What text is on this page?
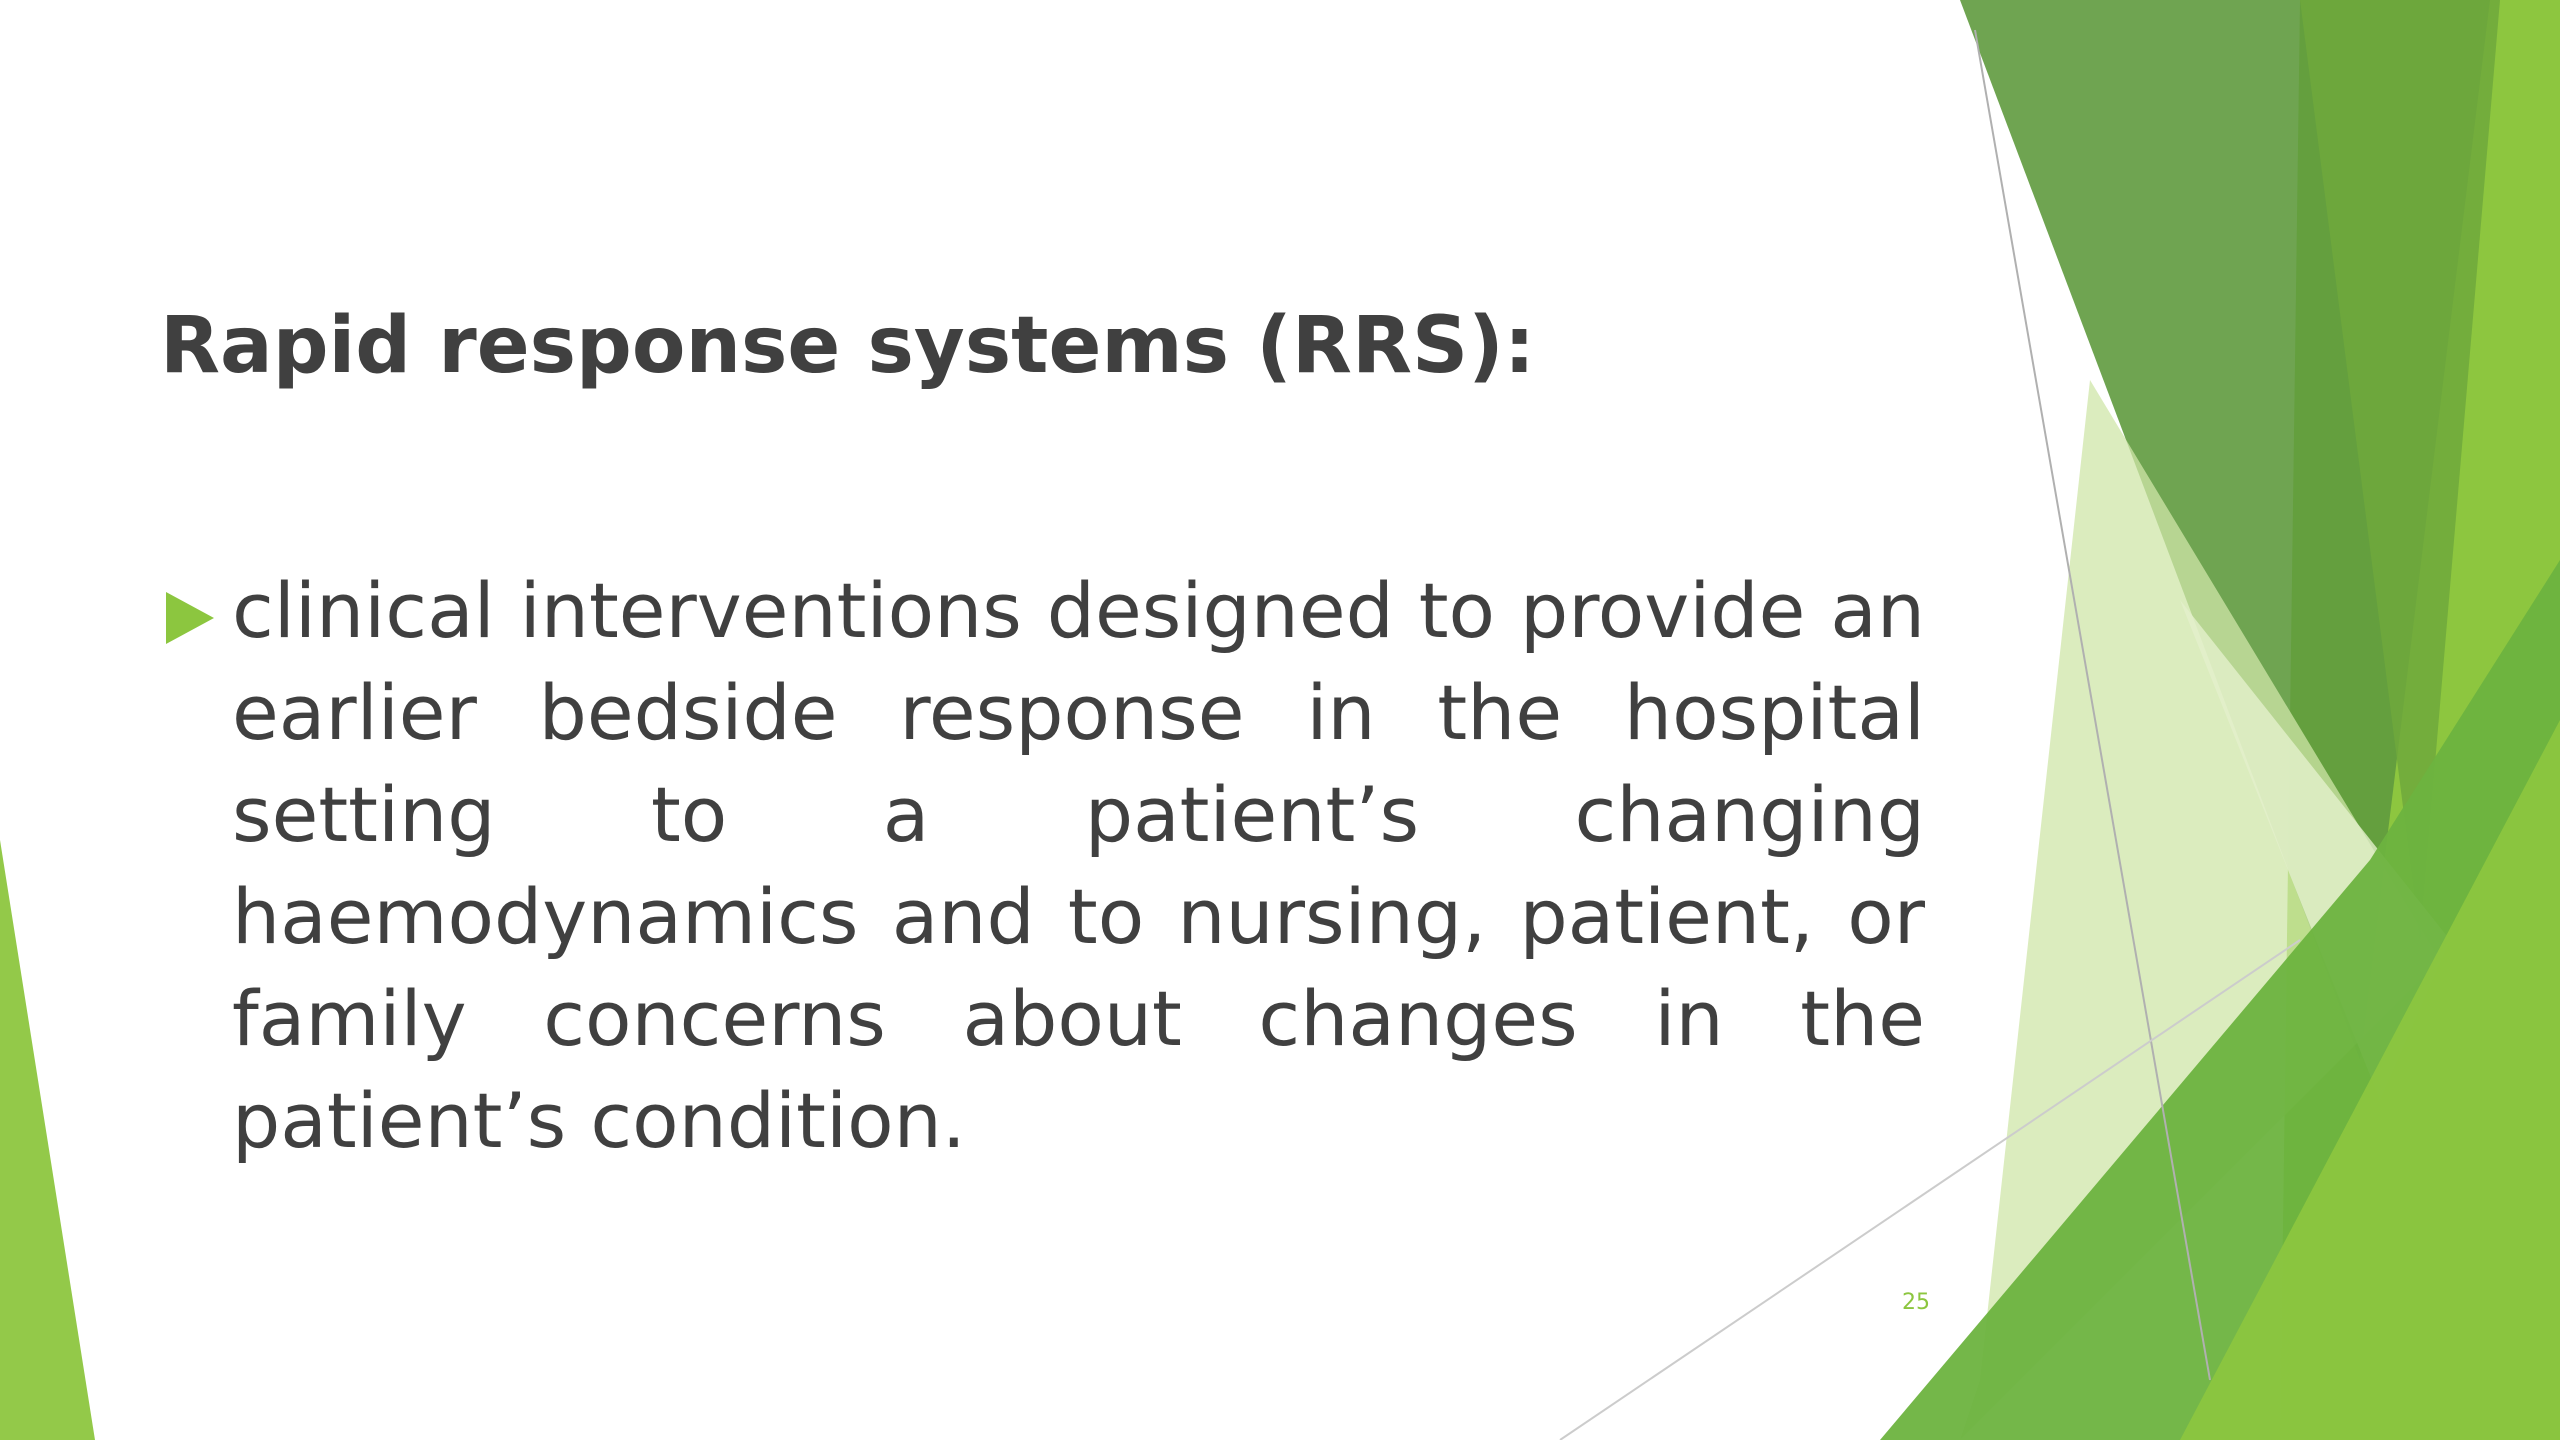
Rapid response systems (RRS):
clinical interventions designed to provide an earlier bedside response in the hospital setting to a patient’s changing haemodynamics and to nursing, patient, or family concerns about changes in the patient’s condition.
25
